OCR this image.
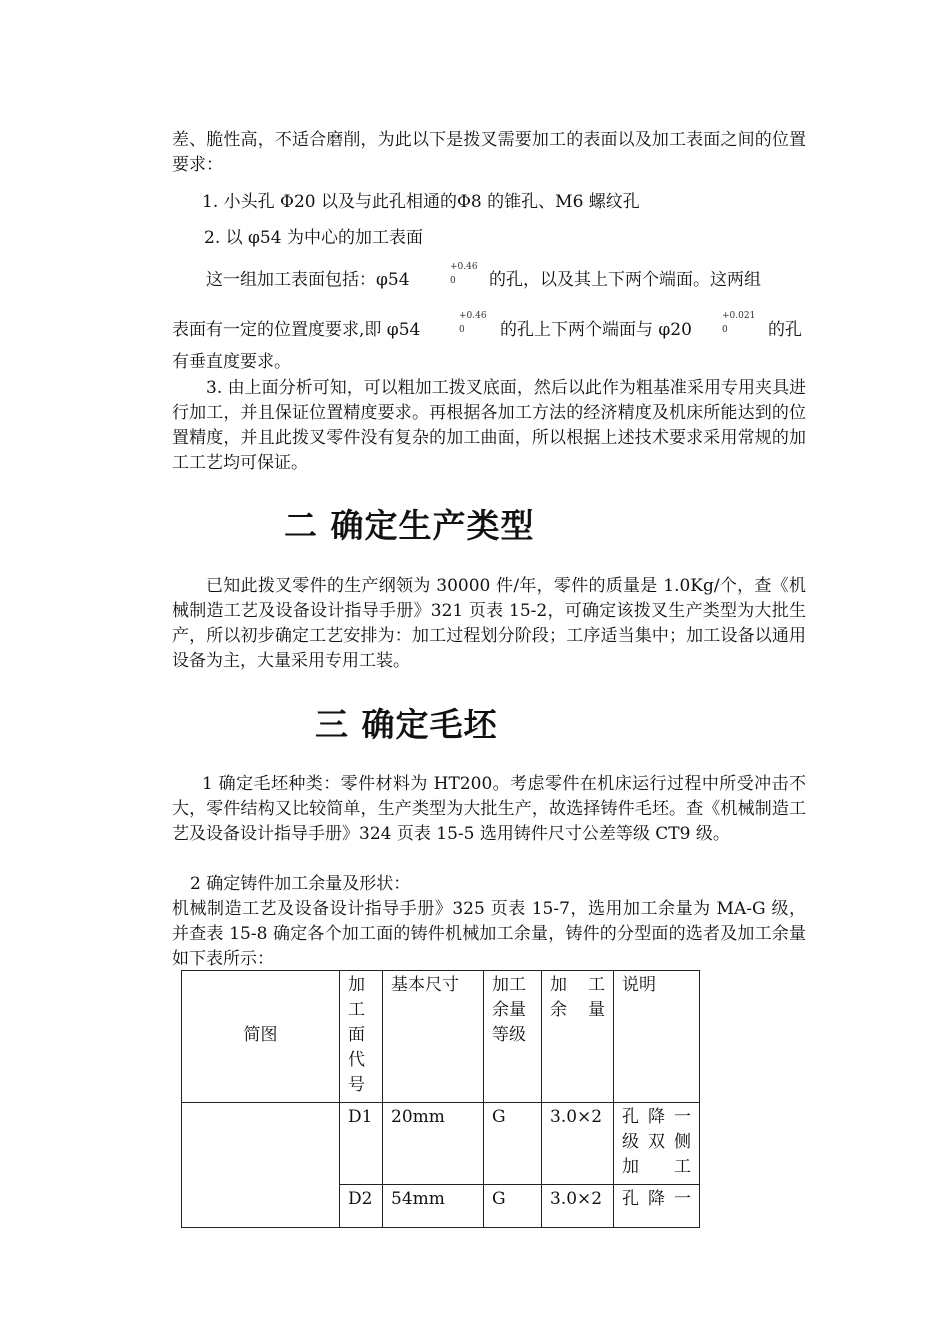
差、脆性高，不适合磨削，为此以下是拨叉需要加工的表面以及加工表面之间的位置要求：
1. 小头孔 Φ20 以及与此孔相通的Φ8 的锥孔、M6 螺纹孔
2. 以 φ54 为中心的加工表面
这一组加工表面包括：φ54
+0.46
0 的孔，以及其上下两个端面。这两组
表面有一定的位置度要求,即 φ54
+0.46
0 的孔上下两个端面与 φ20
+0.021
0 的孔
有垂直度要求。
3. 由上面分析可知，可以粗加工拨叉底面，然后以此作为粗基准采用专用夹具进行加工，并且保证位置精度要求。再根据各加工方法的经济精度及机床所能达到的位置精度，并且此拨叉零件没有复杂的加工曲面，所以根据上述技术要求采用常规的加工工艺均可保证。
二 确定生产类型
已知此拨叉零件的生产纲领为 30000 件/年，零件的质量是 1.0Kg/个，查《机械制造工艺及设备设计指导手册》321 页表 15-2，可确定该拨叉生产类型为大批生产，所以初步确定工艺安排为：加工过程划分阶段；工序适当集中；加工设备以通用设备为主，大量采用专用工装。
三 确定毛坯
1 确定毛坯种类：零件材料为 HT200。考虑零件在机床运行过程中所受冲击不大，零件结构又比较简单，生产类型为大批生产，故选择铸件毛坯。查《机械制造工艺及设备设计指导手册》324 页表 15-5 选用铸件尺寸公差等级 CT9 级。
2 确定铸件加工余量及形状：
机械制造工艺及设备设计指导手册》325 页表 15-7，选用加工余量为 MA-G 级，并查表 15-8 确定各个加工面的铸件机械加工余量，铸件的分型面的选者及加工余量如下表所示：
简图	加工面代号	基本尺寸	加工余量等级	加 工 余量	说明
	D1	20mm	G	3.0×2	孔 降 一级 双 侧加工
	D2	54mm	G	3.0×2	孔 降 一
